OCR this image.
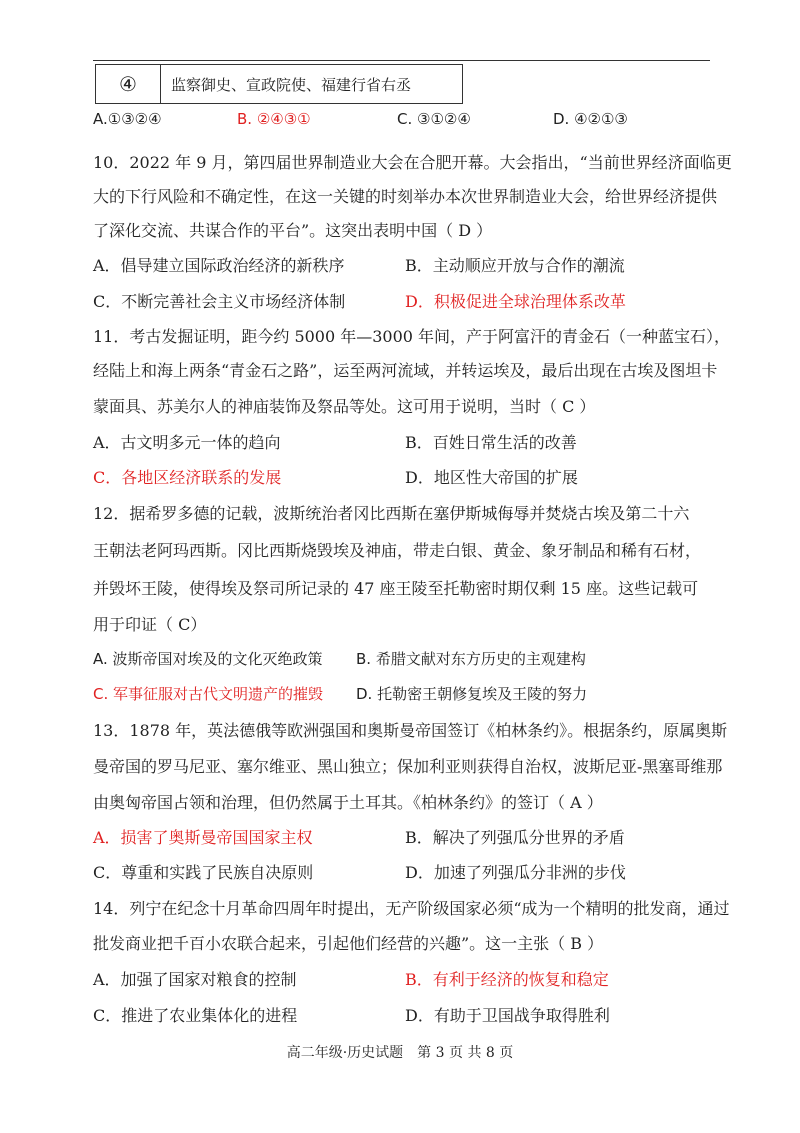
④	监察御史、宣政院使、福建行省右丞
A.①③②④	B. ②④③①	C. ③①②④	D. ④②①③
10．2022 年 9 月，第四届世界制造业大会在合肥开幕。大会指出，“当前世界经济面临更
大的下行风险和不确定性，在这一关键的时刻举办本次世界制造业大会，给世界经济提供
了深化交流、共谋合作的平台”。这突出表明中国（ D ）
A．倡导建立国际政治经济的新秩序	B．主动顺应开放与合作的潮流
C．不断完善社会主义市场经济体制	D．积极促进全球治理体系改革
11．考古发掘证明，距今约 5000 年—3000 年间，产于阿富汗的青金石（一种蓝宝石），
经陆上和海上两条“青金石之路”，运至两河流域，并转运埃及，最后出现在古埃及图坦卡
蒙面具、苏美尔人的神庙装饰及祭品等处。这可用于说明，当时（ C ）
A．古文明多元一体的趋向	B．百姓日常生活的改善
C．各地区经济联系的发展	D．地区性大帝国的扩展
12．据希罗多德的记载，波斯统治者冈比西斯在塞伊斯城侮辱并焚烧古埃及第二十六
王朝法老阿玛西斯。冈比西斯烧毁埃及神庙，带走白银、黄金、象牙制品和稀有石材，
并毁坏王陵，使得埃及祭司所记录的 47 座王陵至托勒密时期仅剩 15 座。这些记载可
用于印证（ C）
A. 波斯帝国对埃及的文化灭绝政策 B. 希腊文献对东方历史的主观建构
C. 军事征服对古代文明遗产的摧毁 D. 托勒密王朝修复埃及王陵的努力
13．1878 年，英法德俄等欧洲强国和奥斯曼帝国签订《柏林条约》。根据条约，原属奥斯
曼帝国的罗马尼亚、塞尔维亚、黑山独立；保加利亚则获得自治权，波斯尼亚-黑塞哥维那
由奥匈帝国占领和治理，但仍然属于土耳其。《柏林条约》的签订（ A ）
A．损害了奥斯曼帝国国家主权	B．解决了列强瓜分世界的矛盾
C．尊重和实践了民族自决原则	D．加速了列强瓜分非洲的步伐
14．列宁在纪念十月革命四周年时提出，无产阶级国家必须“成为一个精明的批发商，通过
批发商业把千百小农联合起来，引起他们经营的兴趣”。这一主张（ B ）
A．加强了国家对粮食的控制	B．有利于经济的恢复和稳定
C．推进了农业集体化的进程	D．有助于卫国战争取得胜利
高二年级·历史试题　第 3 页 共 8 页
